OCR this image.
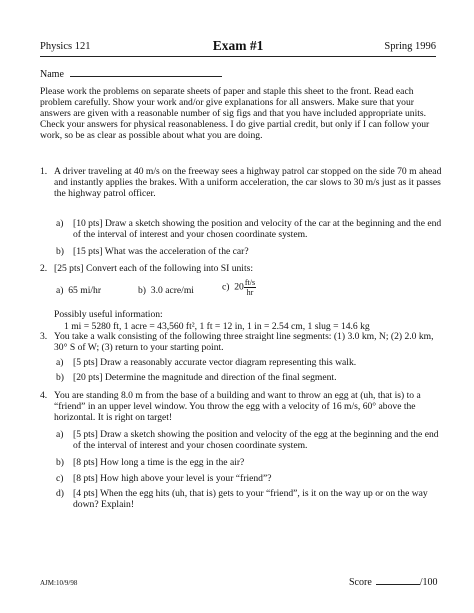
Physics 121	Exam #1	Spring 1996
Name
Please work the problems on separate sheets of paper and staple this sheet to the front. Read each problem carefully. Show your work and/or give explanations for all answers. Make sure that your answers are given with a reasonable number of sig figs and that you have included appropriate units. Check your answers for physical reasonableness. I do give partial credit, but only if I can follow your work, so be as clear as possible about what you are doing.
1. A driver traveling at 40 m/s on the freeway sees a highway patrol car stopped on the side 70 m ahead and instantly applies the brakes. With a uniform acceleration, the car slows to 30 m/s just as it passes the highway patrol officer.
a) [10 pts] Draw a sketch showing the position and velocity of the car at the beginning and the end of the interval of interest and your chosen coordinate system.
b) [15 pts] What was the acceleration of the car?
2. [25 pts] Convert each of the following into SI units:
a)  65 mi/hr	b)  3.0 acre/mi	c)  $20 \frac{ft/s}{hr}$
Possibly useful information:
1 mi = 5280 ft, 1 acre = 43,560 ft², 1 ft = 12 in, 1 in = 2.54 cm, 1 slug = 14.6 kg
3. You take a walk consisting of the following three straight line segments: (1) 3.0 km, N; (2) 2.0 km, 30° S of W; (3) return to your starting point.
a) [5 pts] Draw a reasonably accurate vector diagram representing this walk.
b) [20 pts] Determine the magnitude and direction of the final segment.
4. You are standing 8.0 m from the base of a building and want to throw an egg at (uh, that is) to a “friend” in an upper level window. You throw the egg with a velocity of 16 m/s, 60° above the horizontal. It is right on target!
a) [5 pts] Draw a sketch showing the position and velocity of the egg at the beginning and the end of the interval of interest and your chosen coordinate system.
b) [8 pts] How long a time is the egg in the air?
c) [8 pts] How high above your level is your “friend”?
d) [4 pts] When the egg hits (uh, that is) gets to your “friend”, is it on the way up or on the way down? Explain!
AJM:10/9/98	Score	/100
